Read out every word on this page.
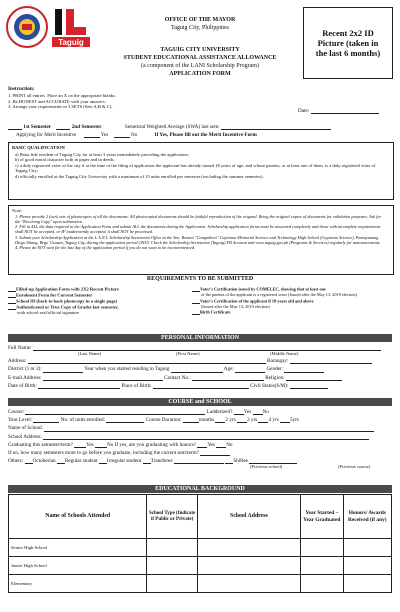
Taguig
OFFICE OF THE MAYOR
Taguig City, Philippines
TAGUIG CITY UNIVERSITY
STUDENT EDUCATIONAL ASSISTANCE ALLOWANCE
(a component of the LANI Scholarship Program)
APPLICATION FORM
Recent 2x2 ID Picture (taken in the last 6 months)
Instruction:
1. PRINT all entries. Place an X on the appropriate blanks.
2. Be HONEST and ACCURATE with your answers.
3. Arrange your requirements in 3 SETS (Sets A,B & C).
Date:
1st Semester	2nd Semester	Semestral Weighted Average (SWA) last sem:
Applying for Merit Incentive	Yes	No	If Yes, Please fill out the Merit Incentive Form
BASIC QUALIFICATION
a) Bona fide resident of Taguig City for at least 3 years immediately preceding the application;
b) of good moral character both in paper and in deeds;
c) a duly registered voter of the city if at the time of the filing of application the applicant has already turned 18 years of age, and whose parents, or at least one of them, is a duly registered voter of Taguig City;
d) officially enrolled at the Taguig City University with a minimum of 15 units enrolled per semester (excluding the summer semester).
Note:
1. Please provide 2 (two) sets of photocopies of all the documents. All photocopied documents should be faithful reproduction of the original. Bring the original copies of documents for validation purposes. Ask for the "Receiving Copy" upon submission.
2. Fill in ALL the data required in the Application Form and submit ALL the documents during the Application. Scholarship application forms must be answered completely and those with incomplete requirements shall NOT be accepted, or IF inadvertently accepted, it shall NOT be processed.
3. Submit your Scholarship Application at the L.A.N.I. Scholarship Secretariat Office at the Sen. Renato "Compañero" Cayetano Memorial Science and Technology High School (Cayetano Science), Pamayanang Diego Silang, Brgy. Ususan, Taguig City, during the application period ONLY. Check the Scholarship Secretariat (Taguig) FB Account and www.taguig.gov.ph (Programs & Services) regularly for announcements.
4. Please do NOT wait for the last day of the application period if you do not want to be inconvenienced.
REQUIREMENTS TO BE SUBMITTED
Filled-up Application Form with 2X2 Recent Picture
Enrolment Form for Current Semester
School ID (back to back photocopy in a single page)
Authenticated or True Copy of Grades last semester,
with school seal/official signature
Voter's Certification issued by COMELEC, showing that at least one
of the parents of the applicant is a registered voter (Issued after the May 13, 2019 election)
Voter's Certification of the applicant if 18 years old and above
(Issued after the May 13, 2019 election)
Birth Certificate
PERSONAL INFORMATION
Full Name:
(Last Name)	(First Name)	(Middle Name)
Address:	Barangay:
District (1 or 2):	Year when you started residing in Taguig	Age:	Gender:
E-mail Address:	Contact No.:	Religion:
Date of Birth:	Place of Birth:	Civil Status(S/M):
COURSE and SCHOOL
Course:	Ladderized? Yes No
Year Level:	No. of units enrolled:	Course Duration:	months 2 yrs 3 yrs 4 yrs 5yrs
Name of School:
School Address:
Graduating this semester/term?	Yes	No If yes, are you graduating with honors? Yes No
If no, how many semesters more to go before you graduate, including the current sem/term?
Others: Octoberian Regular student Irregular student Transferee	Shiftee
(Previous school)	(Previous course)
EDUCATIONAL BACKGROUND
Name of Schools Attended	School Type (Indicate if Public or Private)	School Address	Year Started – Year Graduated	Honors/ Awards Received (if any)
Senior High School				
Junior High School				
Elementary				
